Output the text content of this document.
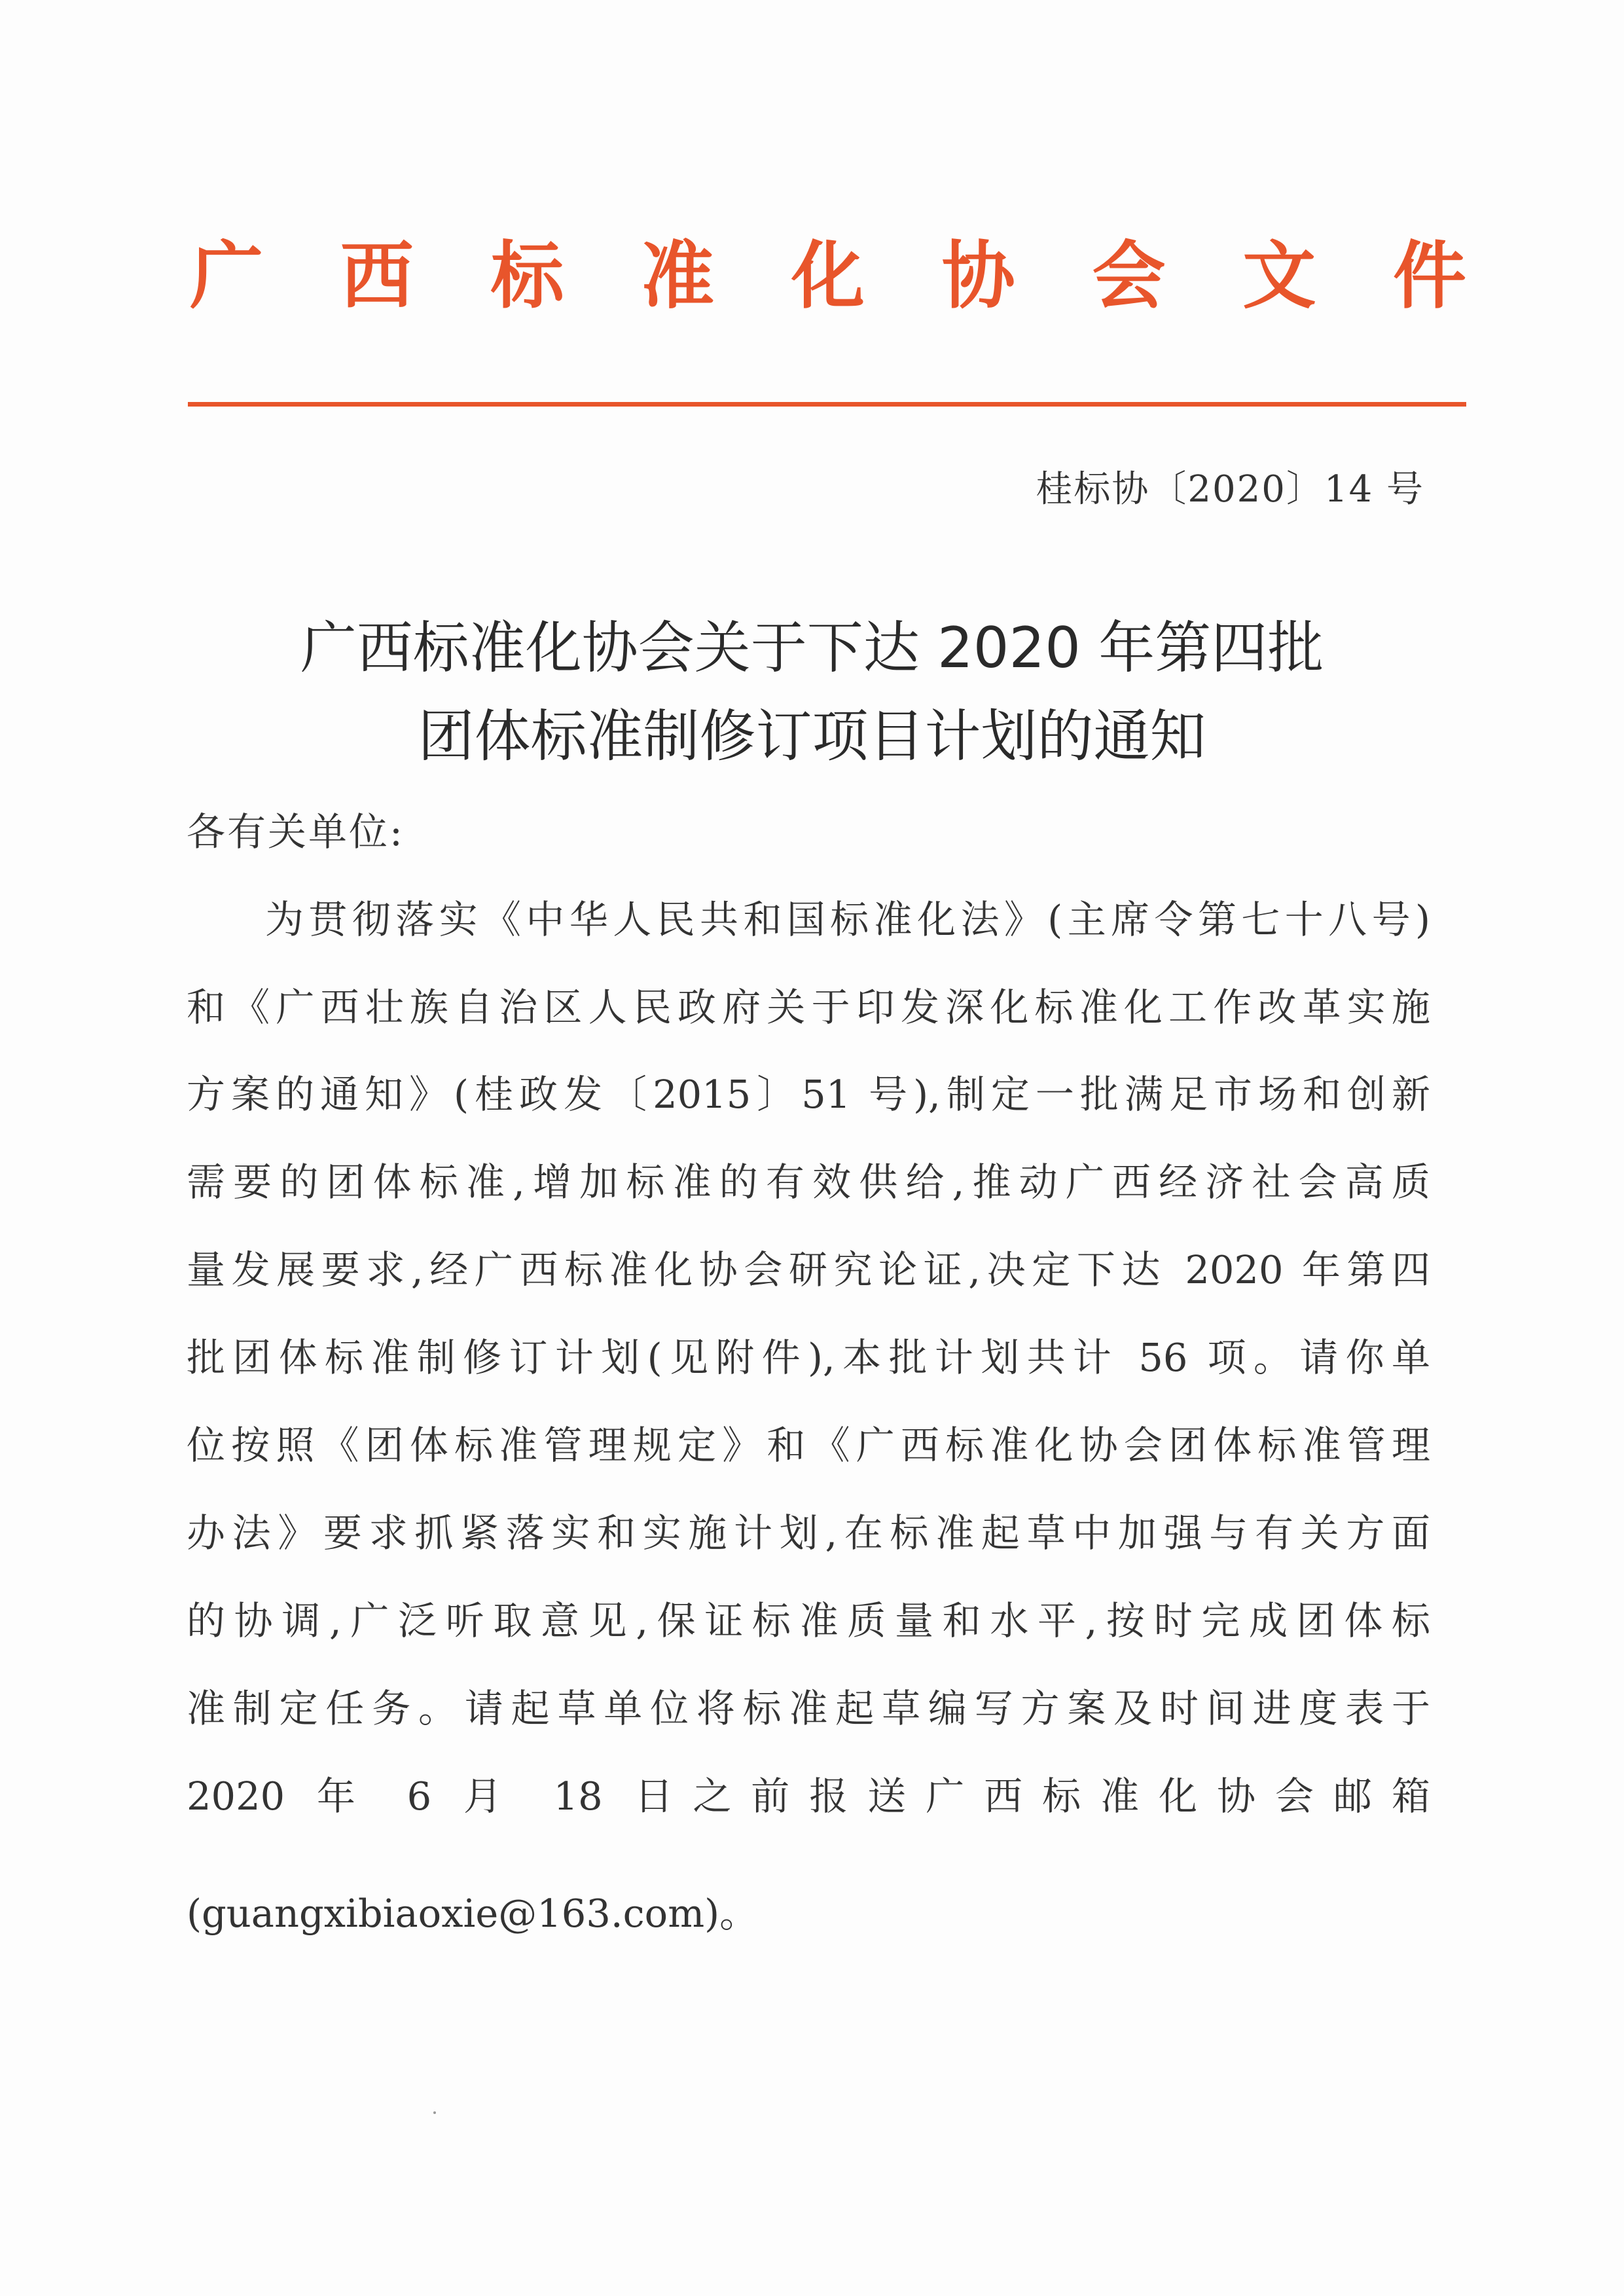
广 西 标 准 化 协 会 文 件
桂标协〔2020〕14 号
广西标准化协会关于下达 2020 年第四批
团体标准制修订项目计划的通知
各有关单位:
为贯彻落实《中华人民共和国标准化法》(主席令第七十八号)
和《广西壮族自治区人民政府关于印发深化标准化工作改革实施
方案的通知》(桂政发〔2015〕51 号),制定一批满足市场和创新
需要的团体标准,增加标准的有效供给,推动广西经济社会高质
量发展要求,经广西标准化协会研究论证,决定下达 2020 年第四
批团体标准制修订计划(见附件),本批计划共计 56 项。请你单
位按照《团体标准管理规定》和《广西标准化协会团体标准管理
办法》要求抓紧落实和实施计划,在标准起草中加强与有关方面
的协调,广泛听取意见,保证标准质量和水平,按时完成团体标
准制定任务。请起草单位将标准起草编写方案及时间进度表于
2020 年 6 月 18 日之前报送广西标准化协会邮箱
(guangxibiaoxie@163.com)。
